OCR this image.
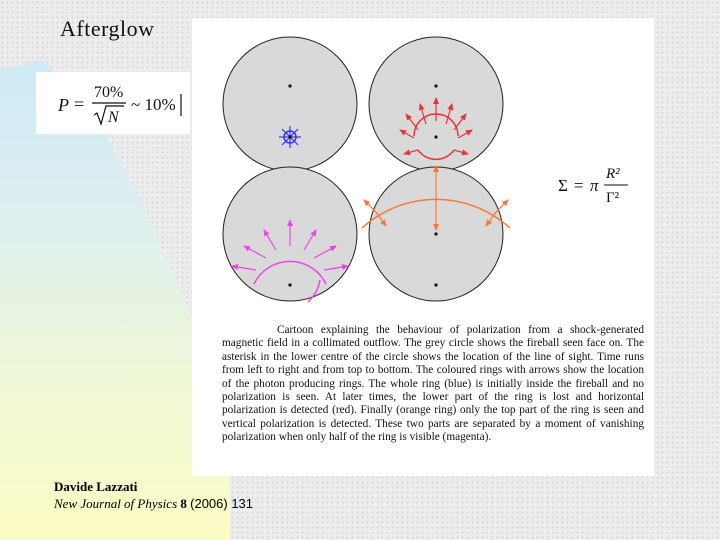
Afterglow
P =
70%
N
~ 10%
Σ = π
R²
Γ²

Cartoon explaining the behaviour of polarization from a shock-generated magnetic field in a collimated outflow. The grey circle shows the fireball seen face on. The asterisk in the lower centre of the circle shows the location of the line of sight. Time runs from left to right and from top to bottom. The coloured rings with arrows show the location of the photon producing rings. The whole ring (blue) is initially inside the fireball and no polarization is seen. At later times, the lower part of the ring is lost and horizontal polarization is detected (red). Finally (orange ring) only the top part of the ring is seen and vertical polarization is detected. These two parts are separated by a moment of vanishing polarization when only half of the ring is visible (magenta).

Davide Lazzati
New Journal of Physics 8 (2006) 131
